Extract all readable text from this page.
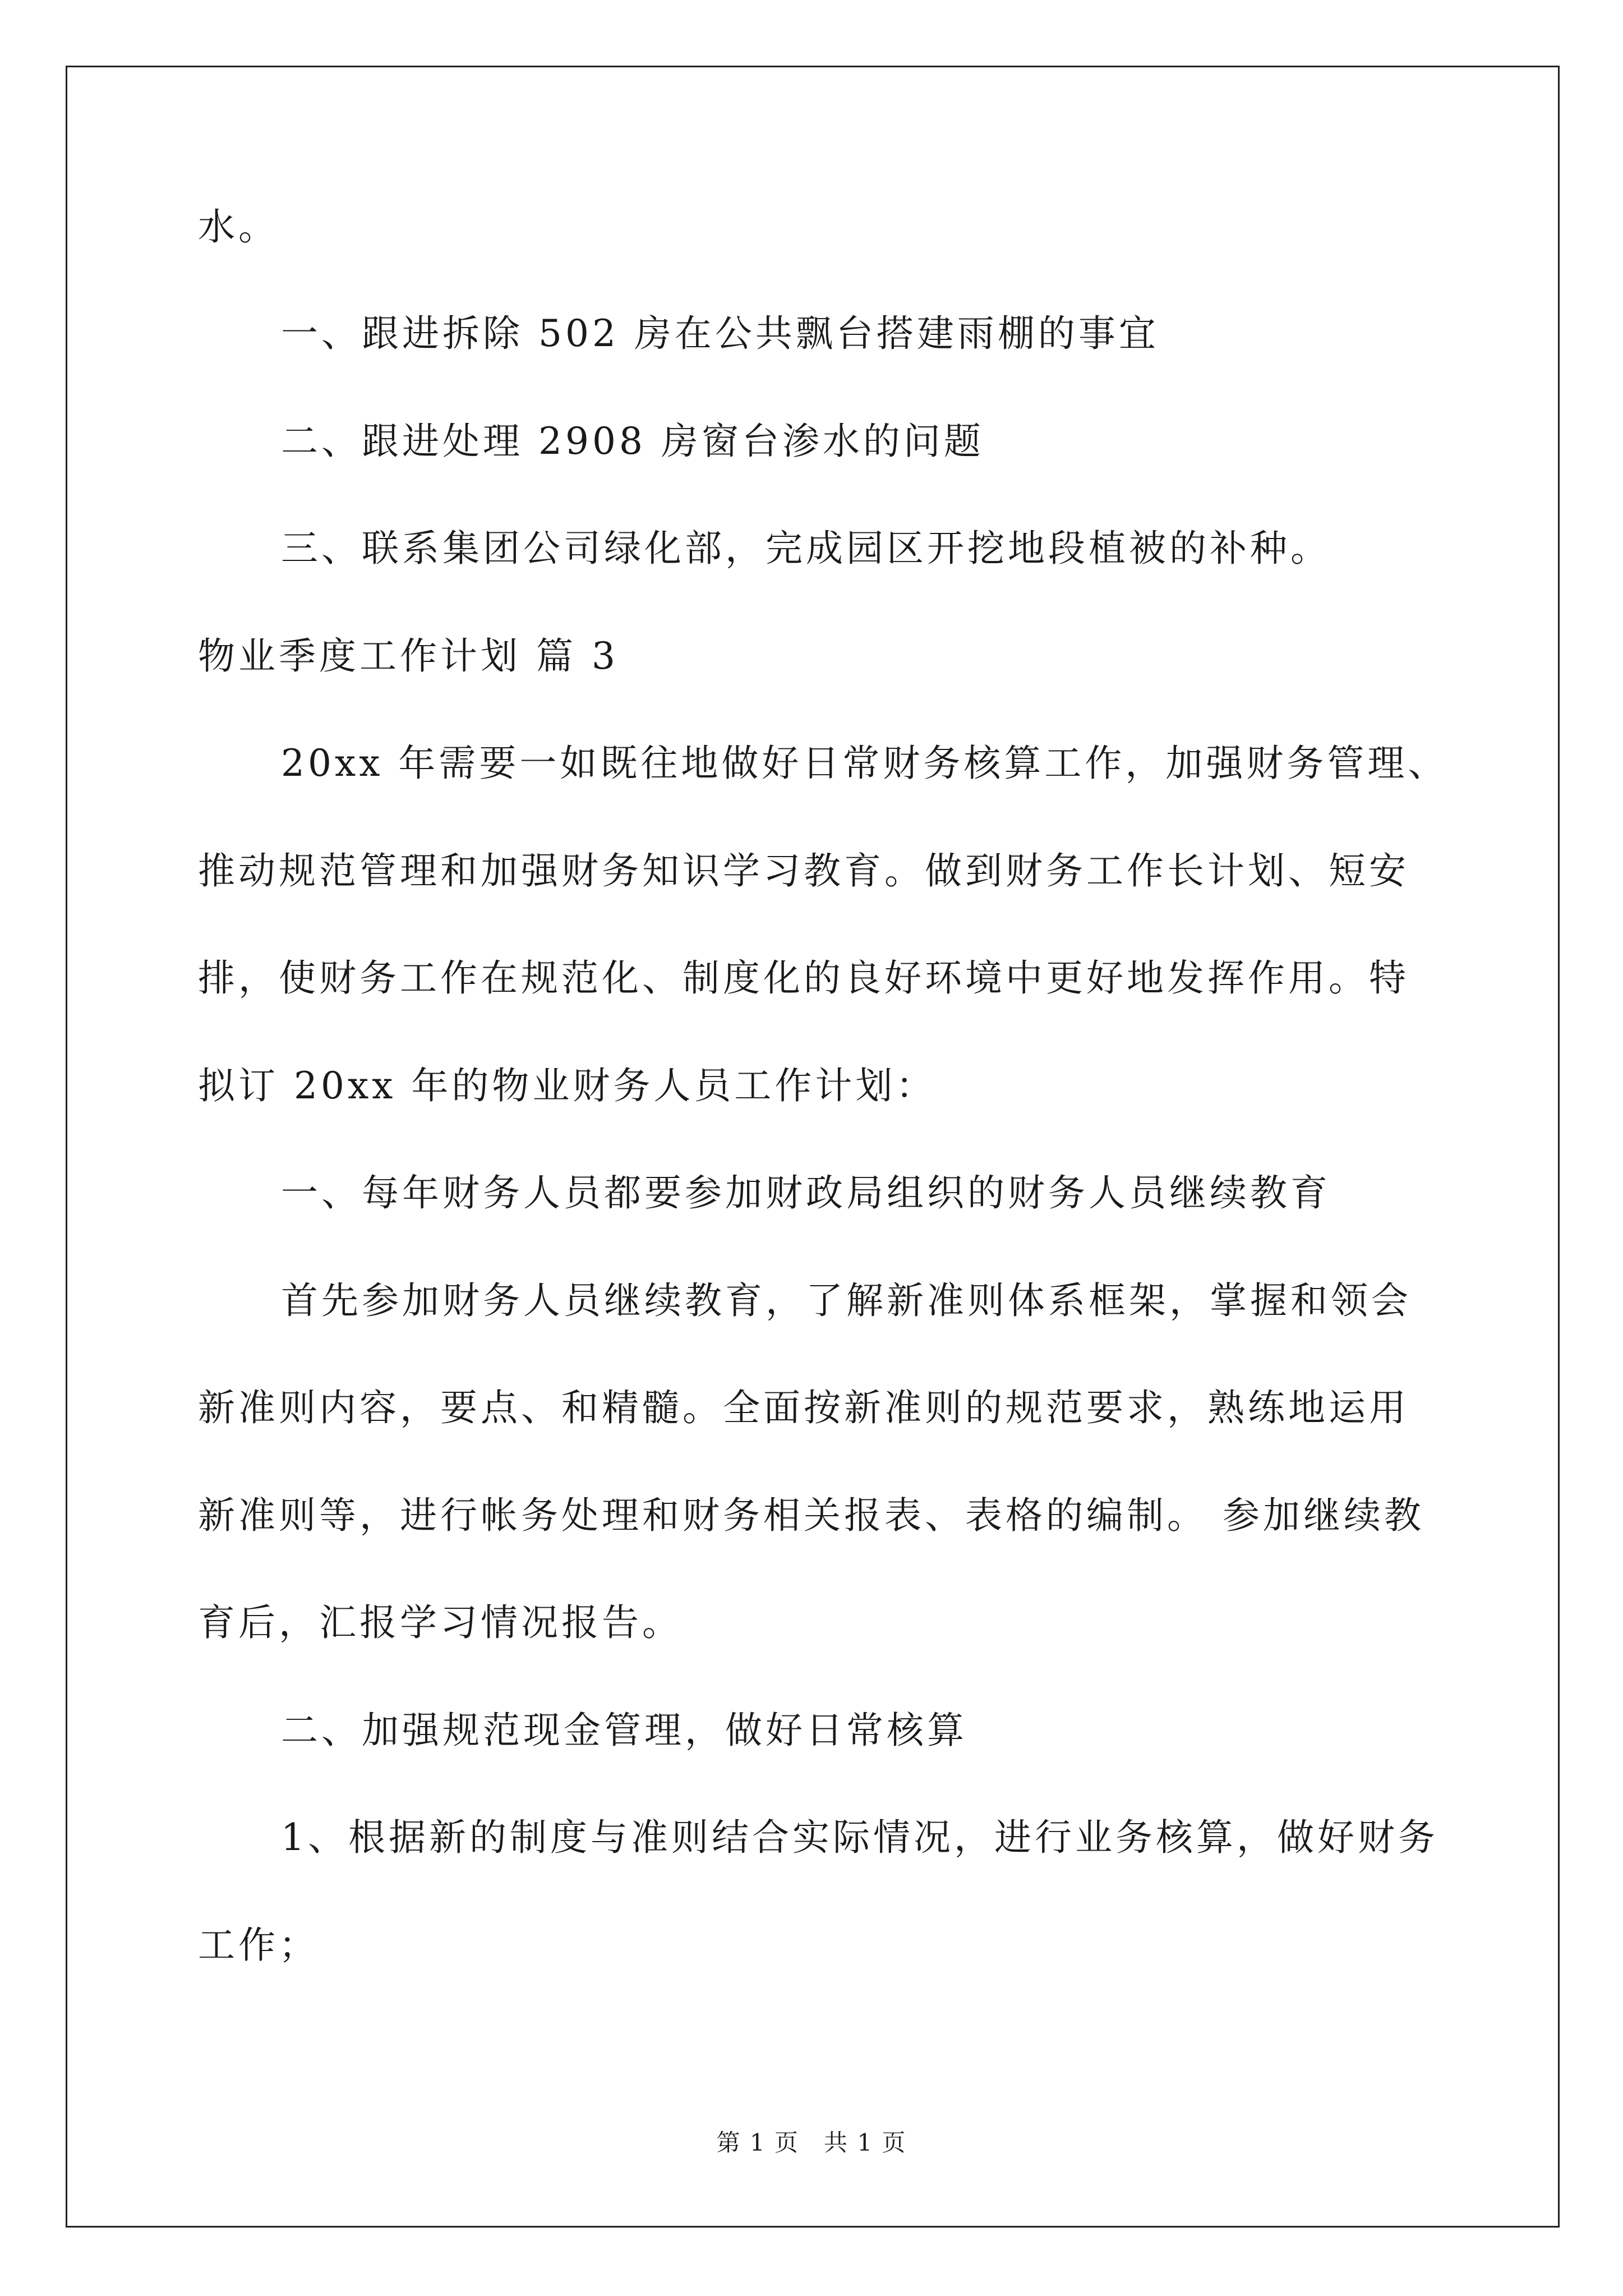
水。
一、跟进拆除 502 房在公共飘台搭建雨棚的事宜
二、跟进处理 2908 房窗台渗水的问题
三、联系集团公司绿化部，完成园区开挖地段植被的补种。
物业季度工作计划 篇 3
20xx 年需要一如既往地做好日常财务核算工作，加强财务管理、
推动规范管理和加强财务知识学习教育。做到财务工作长计划、短安
排，使财务工作在规范化、制度化的良好环境中更好地发挥作用。特
拟订 20xx 年的物业财务人员工作计划：
一、每年财务人员都要参加财政局组织的财务人员继续教育
首先参加财务人员继续教育，了解新准则体系框架，掌握和领会
新准则内容，要点、和精髓。全面按新准则的规范要求，熟练地运用
新准则等，进行帐务处理和财务相关报表、表格的编制。 参加继续教
育后，汇报学习情况报告。
二、加强规范现金管理，做好日常核算
1、根据新的制度与准则结合实际情况，进行业务核算，做好财务
工作；
第 1 页　共 1 页
